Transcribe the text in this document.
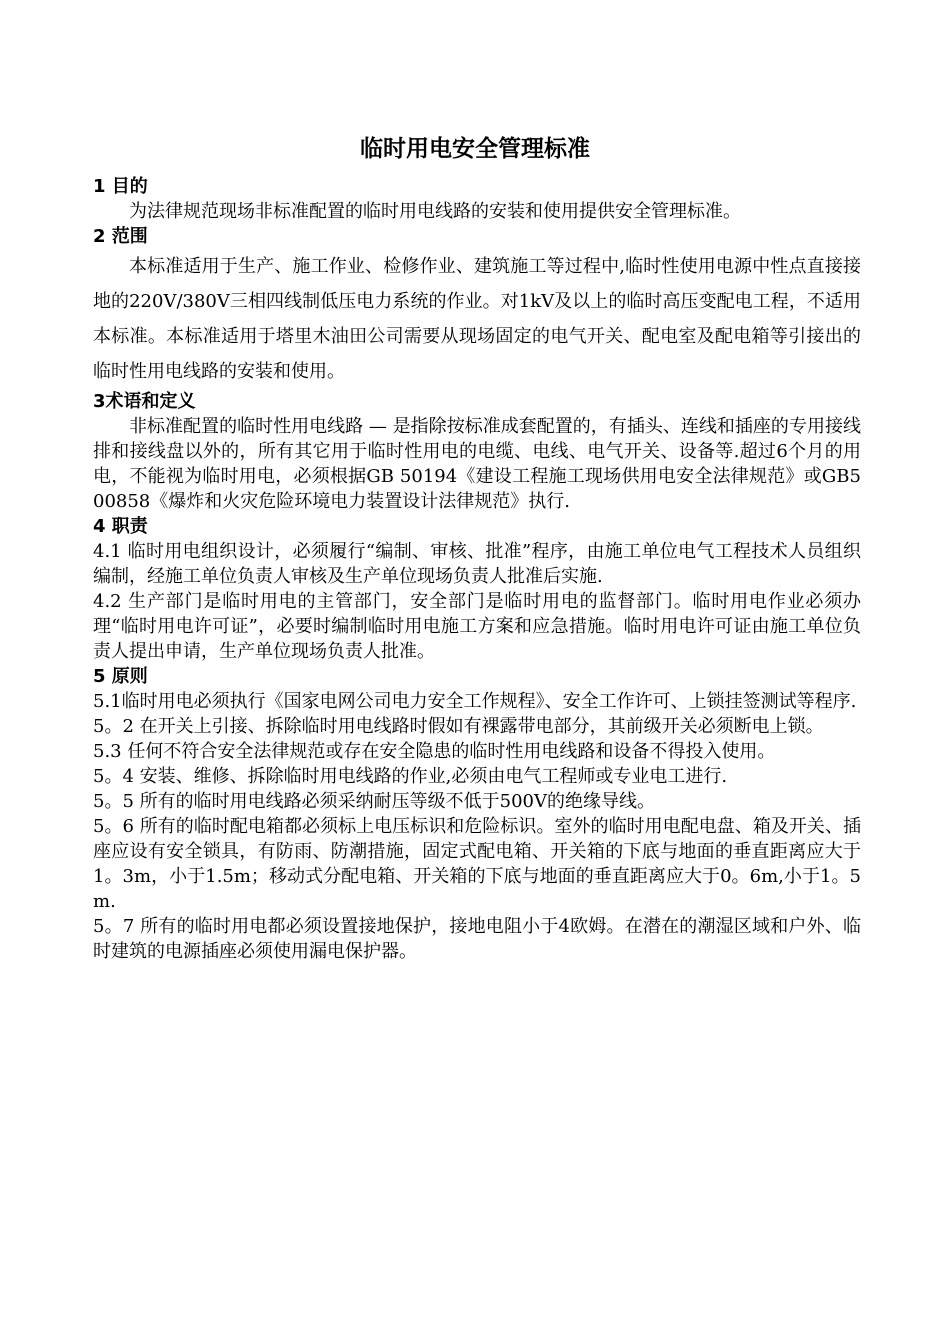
临时用电安全管理标准
1 目的

为法律规范现场非标准配置的临时用电线路的安装和使用提供安全管理标准。

2 范围

本标准适用于生产、施工作业、检修作业、建筑施工等过程中,临时性使用电源中性点直接接地的220V/380V三相四线制低压电力系统的作业。对1kV及以上的临时高压变配电工程，不适用本标准。本标准适用于塔里木油田公司需要从现场固定的电气开关、配电室及配电箱等引接出的临时性用电线路的安装和使用。

3术语和定义

非标准配置的临时性用电线路 — 是指除按标准成套配置的，有插头、连线和插座的专用接线排和接线盘以外的，所有其它用于临时性用电的电缆、电线、电气开关、设备等.超过6个月的用电，不能视为临时用电，必须根据GB 50194《建设工程施工现场供用电安全法律规范》或GB500858《爆炸和火灾危险环境电力装置设计法律规范》执行.

4 职责

4.1 临时用电组织设计，必须履行“编制、审核、批准”程序，由施工单位电气工程技术人员组织编制，经施工单位负责人审核及生产单位现场负责人批准后实施.

4.2 生产部门是临时用电的主管部门，安全部门是临时用电的监督部门。临时用电作业必须办理“临时用电许可证”，必要时编制临时用电施工方案和应急措施。临时用电许可证由施工单位负责人提出申请，生产单位现场负责人批准。

5 原则

5.1临时用电必须执行《国家电网公司电力安全工作规程》、安全工作许可、上锁挂签测试等程序.

5。2 在开关上引接、拆除临时用电线路时假如有裸露带电部分，其前级开关必须断电上锁。

5.3 任何不符合安全法律规范或存在安全隐患的临时性用电线路和设备不得投入使用。

5。4 安装、维修、拆除临时用电线路的作业,必须由电气工程师或专业电工进行.

5。5 所有的临时用电线路必须采纳耐压等级不低于500V的绝缘导线。

5。6 所有的临时配电箱都必须标上电压标识和危险标识。室外的临时用电配电盘、箱及开关、插座应设有安全锁具，有防雨、防潮措施，固定式配电箱、开关箱的下底与地面的垂直距离应大于1。3m，小于1.5m；移动式分配电箱、开关箱的下底与地面的垂直距离应大于0。6m,小于1。5m.

5。7 所有的临时用电都必须设置接地保护，接地电阻小于4欧姆。在潜在的潮湿区域和户外、临时建筑的电源插座必须使用漏电保护器。
